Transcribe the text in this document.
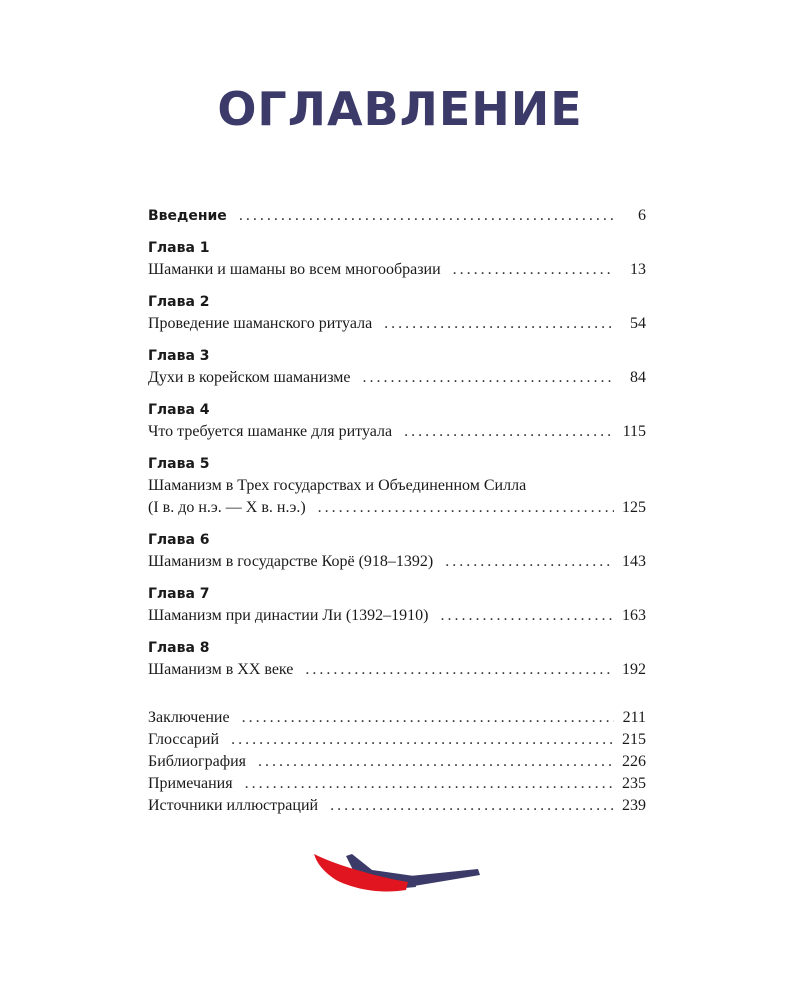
ОГЛАВЛЕНИЕ
Введение . . .	6
Глава 1
Шаманки и шаманы во всем многообразии . . .	13
Глава 2
Проведение шаманского ритуала . . .	54
Глава 3
Духи в корейском шаманизме . . .	84
Глава 4
Что требуется шаманке для ритуала . . .	115
Глава 5
Шаманизм в Трех государствах и Объединенном Силла
(I в. до н.э. — X в. н.э.) . . .	125
Глава 6
Шаманизм в государстве Корё (918–1392) . . .	143
Глава 7
Шаманизм при династии Ли (1392–1910) . . .	163
Глава 8
Шаманизм в XX веке . . .	192
Заключение . . .	211
Глоссарий . . .	215
Библиография . . .	226
Примечания . . .	235
Источники иллюстраций . . .	239
